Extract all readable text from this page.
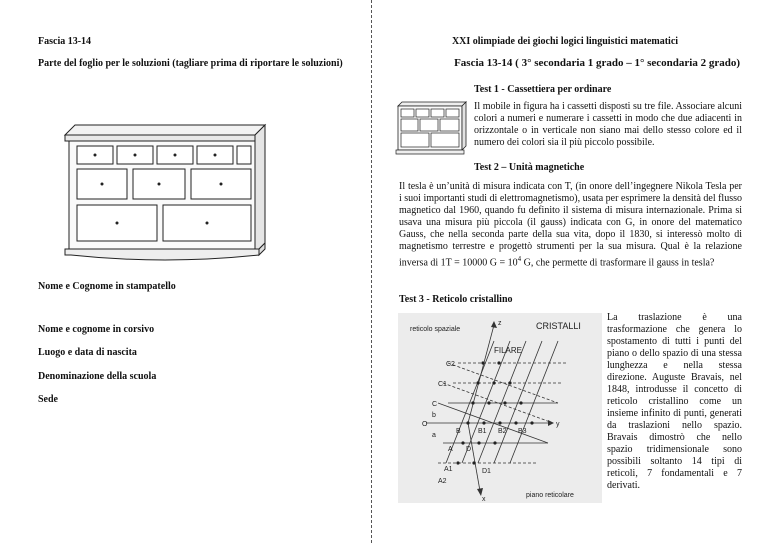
Fascia 13-14
Parte del foglio per le soluzioni (tagliare prima di riportare le soluzioni)
Nome e Cognome in stampatello
Nome e cognome in corsivo
Luogo e data di nascita
Denominazione della scuola
Sede
XXI olimpiade dei giochi logici linguistici matematici
Fascia 13-14 ( 3° secondaria 1 grado – 1° secondaria 2 grado)
Test 1 - Cassettiera per ordinare
Il mobile in figura ha i cassetti disposti su tre file. Associare alcuni colori a numeri e numerare i cassetti in modo che due adiacenti in orizzontale o in verticale non siano mai dello stesso colore ed il numero dei colori sia il più piccolo possibile.
Test 2 – Unità magnetiche
Il tesla è un’unità di misura indicata con T, (in onore dell’ingegnere Nikola Tesla per i suoi importanti studi di elettromagnetismo), usata per esprimere la densità del flusso magnetico dal 1960, quando fu definito il sistema di misura internazionale. Prima si usava una misura più piccola (il gauss) indicata con G, in onore del matematico Gauss, che nella seconda parte della sua vita, dopo il 1830, si interessò molto di magnetismo terrestre e progettò strumenti per la sua misura. Qual è la relazione inversa di 1T = 10000 $G = 10^4$ G, che permette di trasformare il gauss in tesla?
Test 3 - Reticolo cristallino
reticolo spaziale	CRISTALLI
FILARE
piano reticolare
x
y
z
O
C
C1
C2
B B1 B2 B3
A
A1
A2
D
D1
b
a
La traslazione è una trasformazione che genera lo spostamento di tutti i punti del piano o dello spazio di una stessa lunghezza e nella stessa direzione. Auguste Bravais, nel 1848, introdusse il concetto di reticolo cristallino come un insieme infinito di punti, generati da traslazioni nello spazio. Bravais dimostrò che nello spazio tridimensionale sono possibili soltanto 14 tipi di reticoli, 7 fondamentali e 7 derivati.
